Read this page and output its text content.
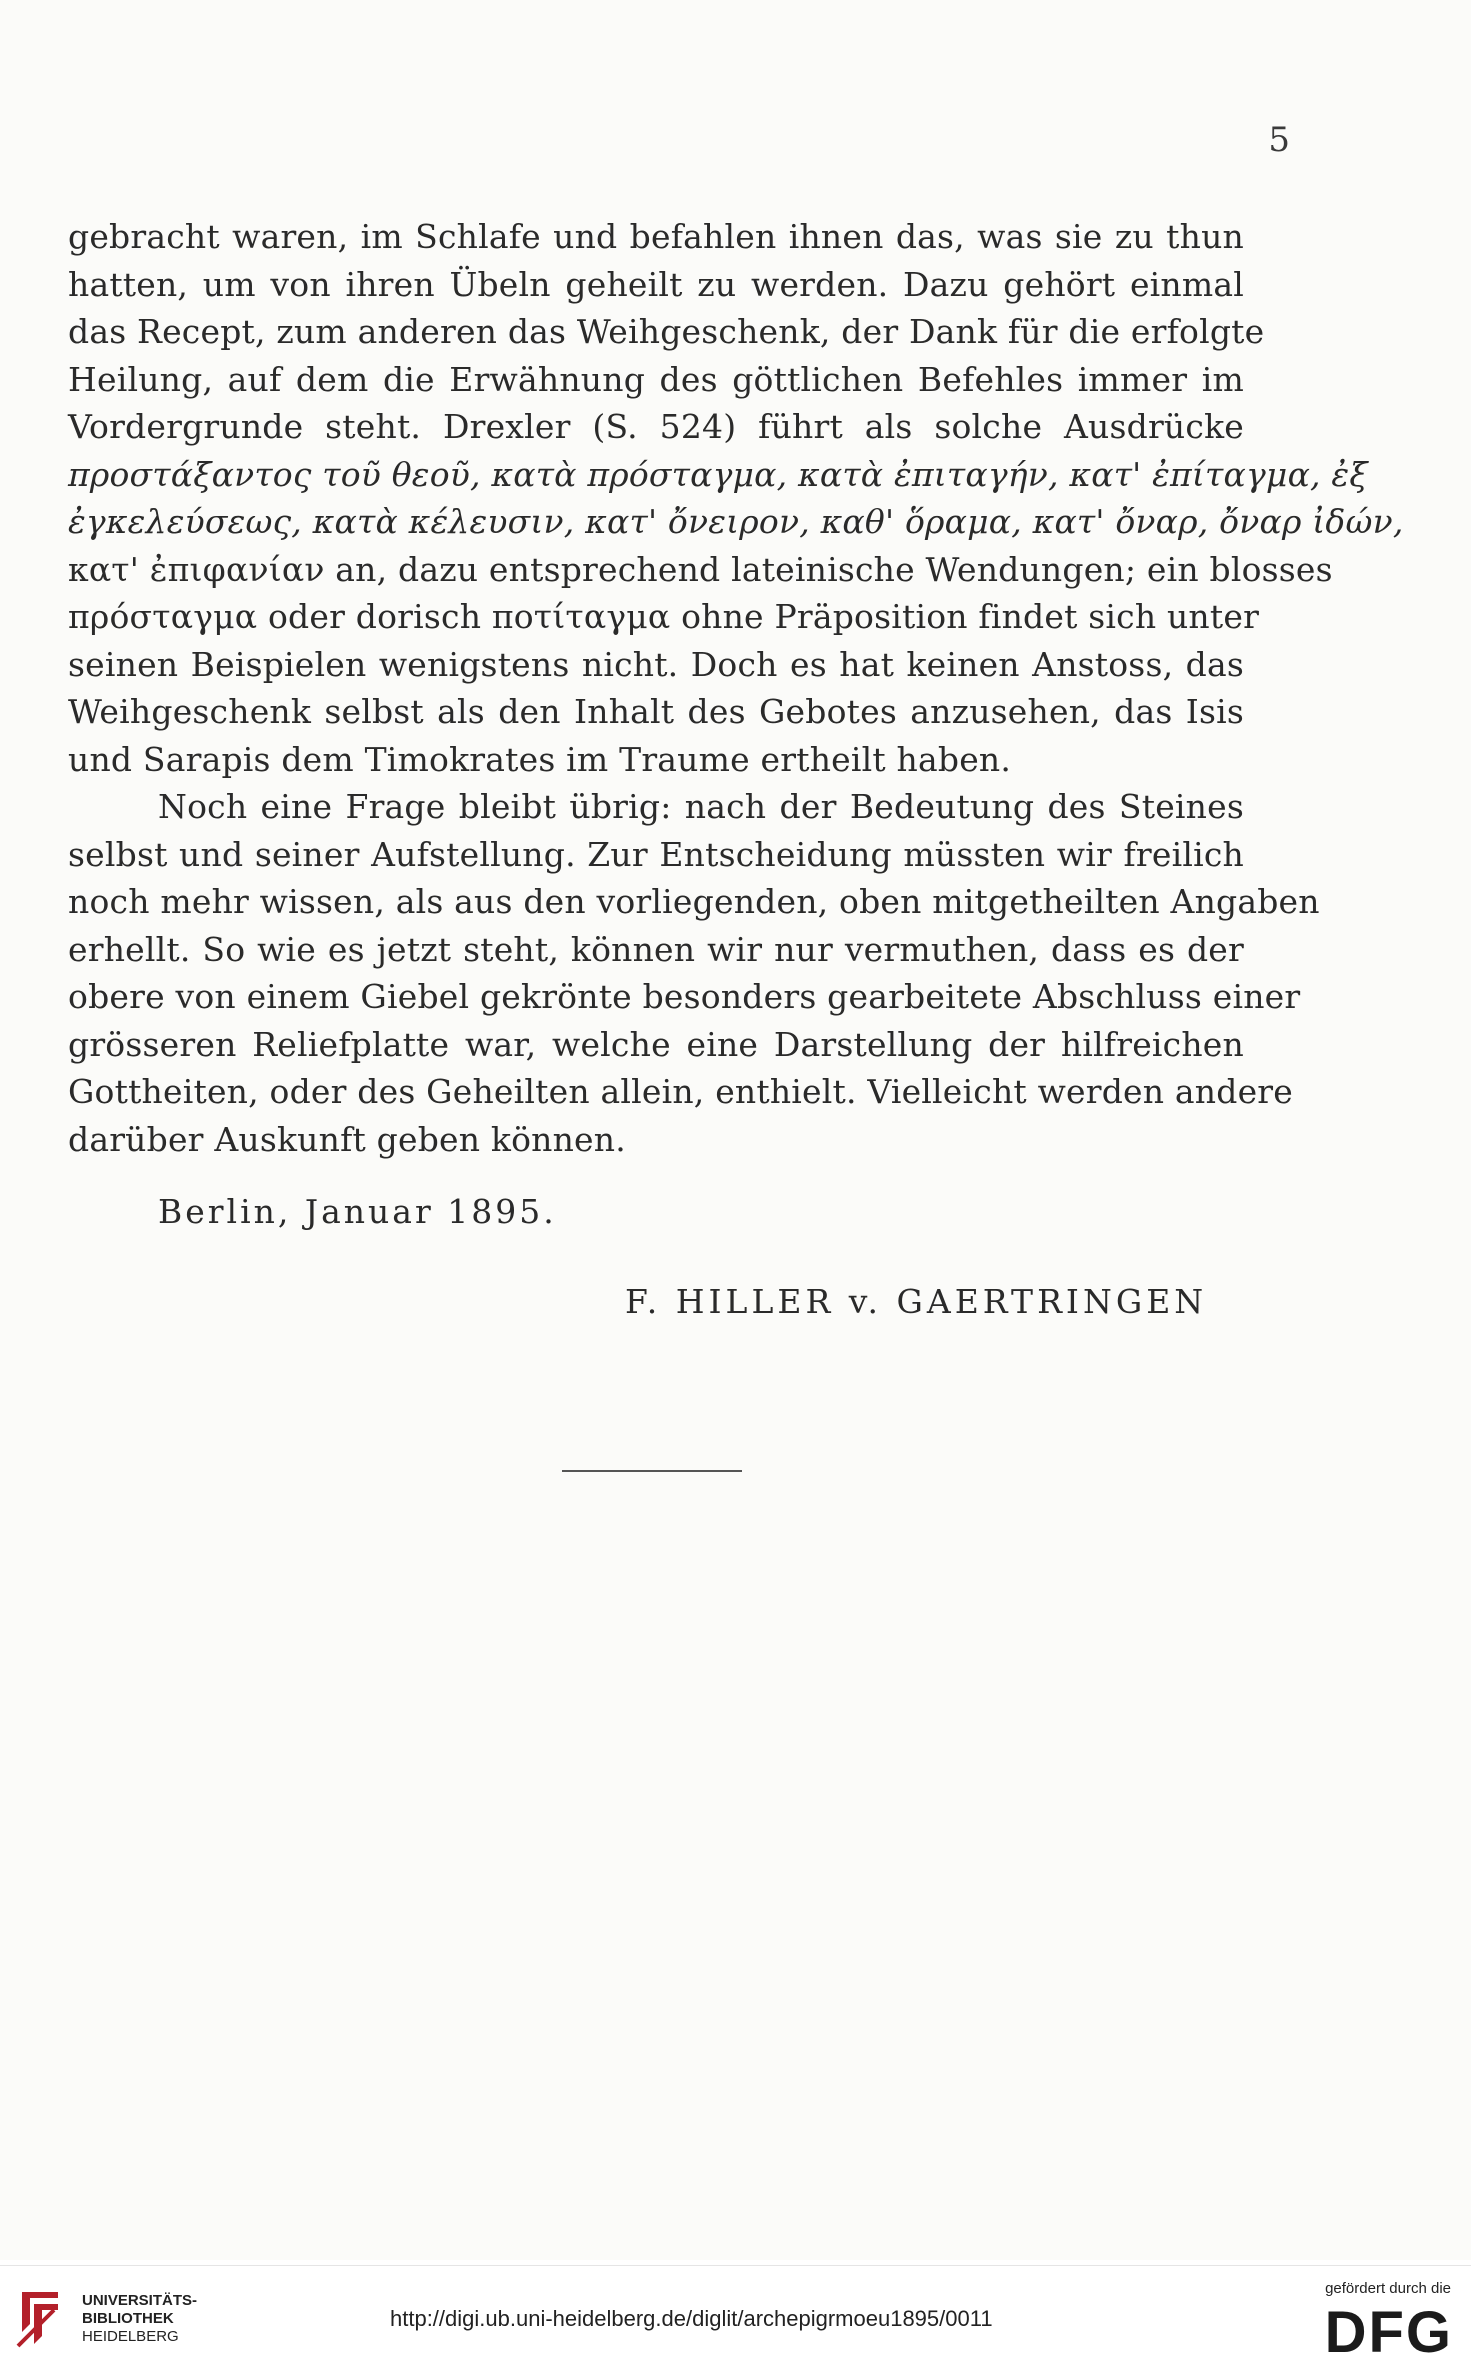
5
gebracht waren, im Schlafe und befahlen ihnen das, was sie zu thun
hatten, um von ihren Übeln geheilt zu werden. Dazu gehört einmal
das Recept, zum anderen das Weihgeschenk, der Dank für die erfolgte
Heilung, auf dem die Erwähnung des göttlichen Befehles immer im
Vordergrunde steht. Drexler (S. 524) führt als solche Ausdrücke
προστάξαντος τοῦ θεοῦ, κατὰ πρόσταγμα, κατὰ ἐπιταγήν, κατ' ἐπίταγμα, ἐξ
ἐγκελεύσεως, κατὰ κέλευσιν, κατ' ὄνειρον, καθ' ὅραμα, κατ' ὄναρ, ὄναρ ἰδών,
κατ' ἐπιφανίαν an, dazu entsprechend lateinische Wendungen; ein blosses
πρόσταγμα oder dorisch ποτίταγμα ohne Präposition findet sich unter
seinen Beispielen wenigstens nicht. Doch es hat keinen Anstoss, das
Weihgeschenk selbst als den Inhalt des Gebotes anzusehen, das Isis
und Sarapis dem Timokrates im Traume ertheilt haben.
Noch eine Frage bleibt übrig: nach der Bedeutung des Steines
selbst und seiner Aufstellung. Zur Entscheidung müssten wir freilich
noch mehr wissen, als aus den vorliegenden, oben mitgetheilten Angaben
erhellt. So wie es jetzt steht, können wir nur vermuthen, dass es der
obere von einem Giebel gekrönte besonders gearbeitete Abschluss einer
grösseren Reliefplatte war, welche eine Darstellung der hilfreichen
Gottheiten, oder des Geheilten allein, enthielt. Vielleicht werden andere
darüber Auskunft geben können.
Berlin, Januar 1895.
F. HILLER v. GAERTRINGEN
UNIVERSITÄTS-
BIBLIOTHEK
HEIDELBERG
http://digi.ub.uni-heidelberg.de/diglit/archepigrmoeu1895/0011
gefördert durch die
DFG
